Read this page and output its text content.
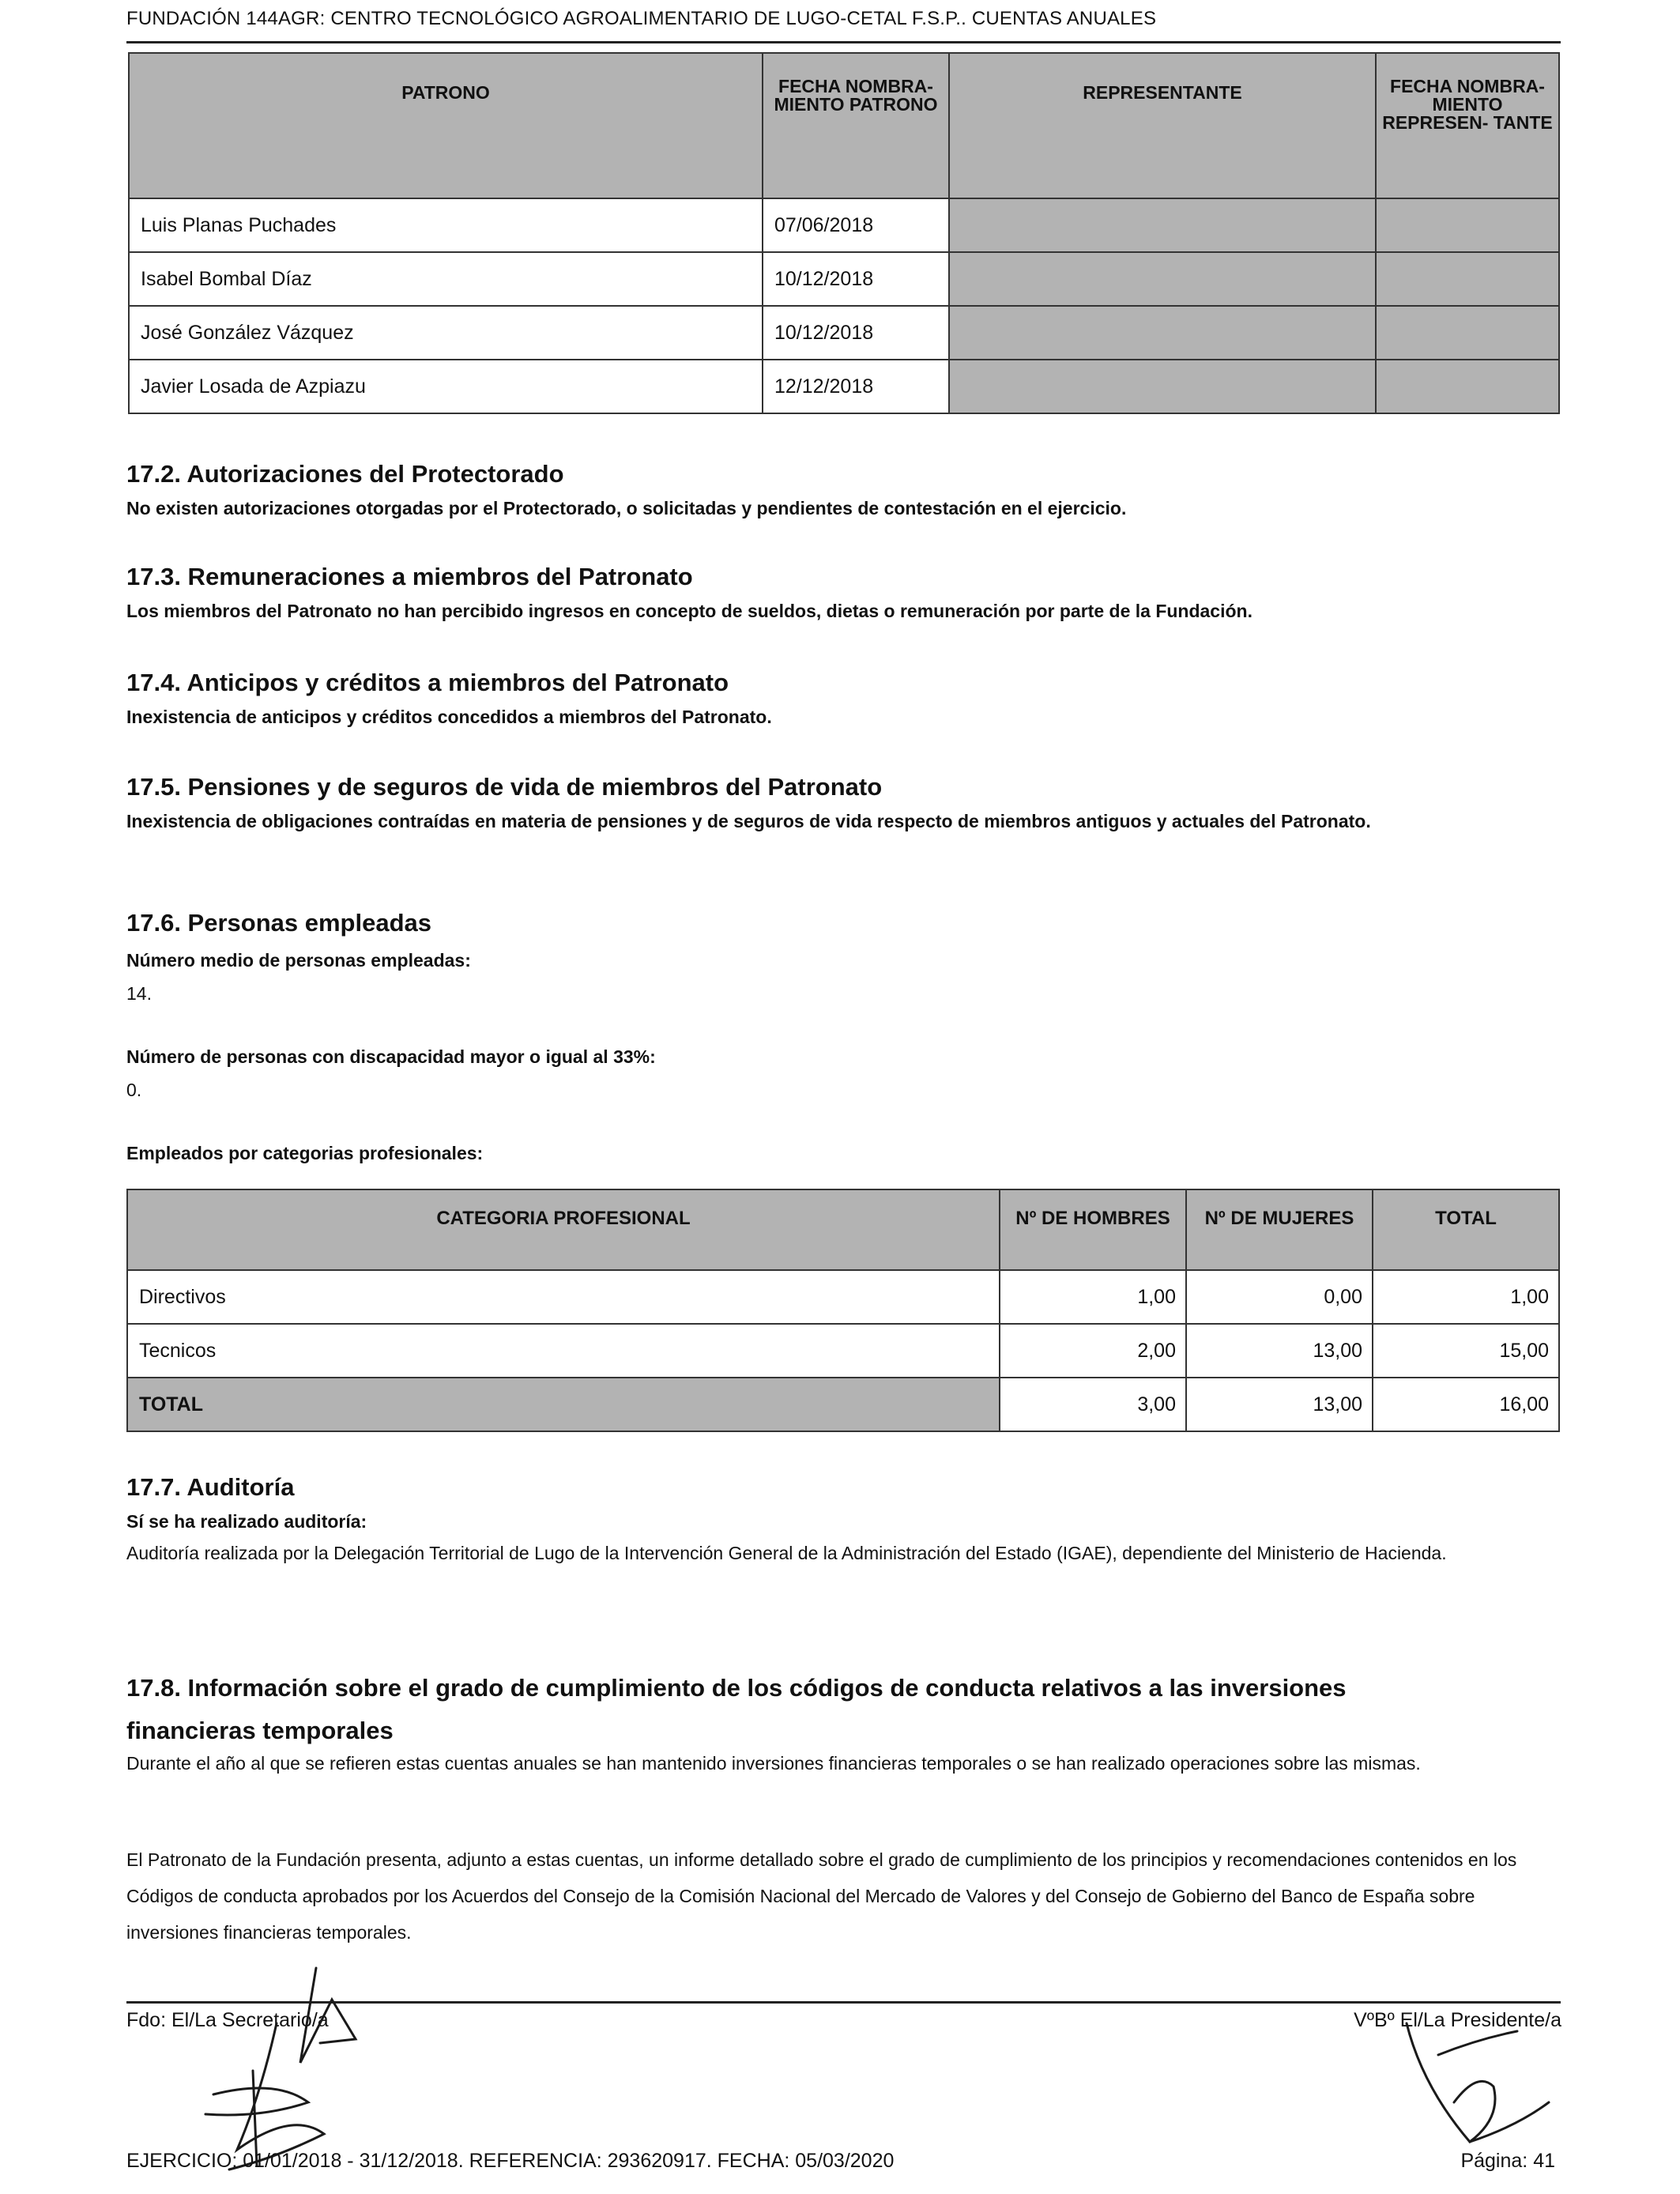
FUNDACIÓN 144AGR: CENTRO TECNOLÓGICO AGROALIMENTARIO DE LUGO-CETAL F.S.P.. CUENTAS ANUALES
PATRONO	FECHA NOMBRA- MIENTO PATRONO	REPRESENTANTE	FECHA NOMBRA- MIENTO REPRESEN- TANTE
Luis Planas Puchades	07/06/2018		
Isabel Bombal Díaz	10/12/2018		
José González Vázquez	10/12/2018		
Javier Losada de Azpiazu	12/12/2018		
17.2. Autorizaciones del Protectorado
No existen autorizaciones otorgadas por el Protectorado, o solicitadas y pendientes de contestación en el ejercicio.
17.3. Remuneraciones a miembros del Patronato
Los miembros del Patronato no han percibido ingresos en concepto de sueldos, dietas o remuneración por parte de la Fundación.
17.4. Anticipos y créditos a miembros del Patronato
Inexistencia de anticipos y créditos concedidos a miembros del Patronato.
17.5. Pensiones y de seguros de vida de miembros del Patronato
Inexistencia de obligaciones contraídas en materia de pensiones y de seguros de vida respecto de miembros antiguos y actuales del Patronato.
17.6. Personas empleadas
Número medio de personas empleadas:
14.
Número de personas con discapacidad mayor o igual al 33%:
0.
Empleados por categorias profesionales:
CATEGORIA PROFESIONAL	Nº DE HOMBRES	Nº DE MUJERES	TOTAL
Directivos	1,00	0,00	1,00
Tecnicos	2,00	13,00	15,00
TOTAL	3,00	13,00	16,00
17.7. Auditoría
Sí se ha realizado auditoría:
Auditoría realizada por la Delegación Territorial de Lugo de la Intervención General de la Administración del Estado (IGAE), dependiente del Ministerio de Hacienda.
17.8. Información sobre el grado de cumplimiento de los códigos de conducta relativos a las inversiones
financieras temporales
Durante el año al que se refieren estas cuentas anuales se han mantenido inversiones financieras temporales o se han realizado operaciones sobre las mismas.
El Patronato de la Fundación presenta, adjunto a estas cuentas, un informe detallado sobre el grado de cumplimiento de los principios y recomendaciones contenidos en los Códigos de conducta aprobados por los Acuerdos del Consejo de la Comisión Nacional del Mercado de Valores y del Consejo de Gobierno del Banco de España sobre inversiones financieras temporales.
Fdo: El/La Secretario/a	VºBº El/La Presidente/a
EJERCICIO: 01/01/2018 - 31/12/2018. REFERENCIA: 293620917. FECHA: 05/03/2020	Página: 41
